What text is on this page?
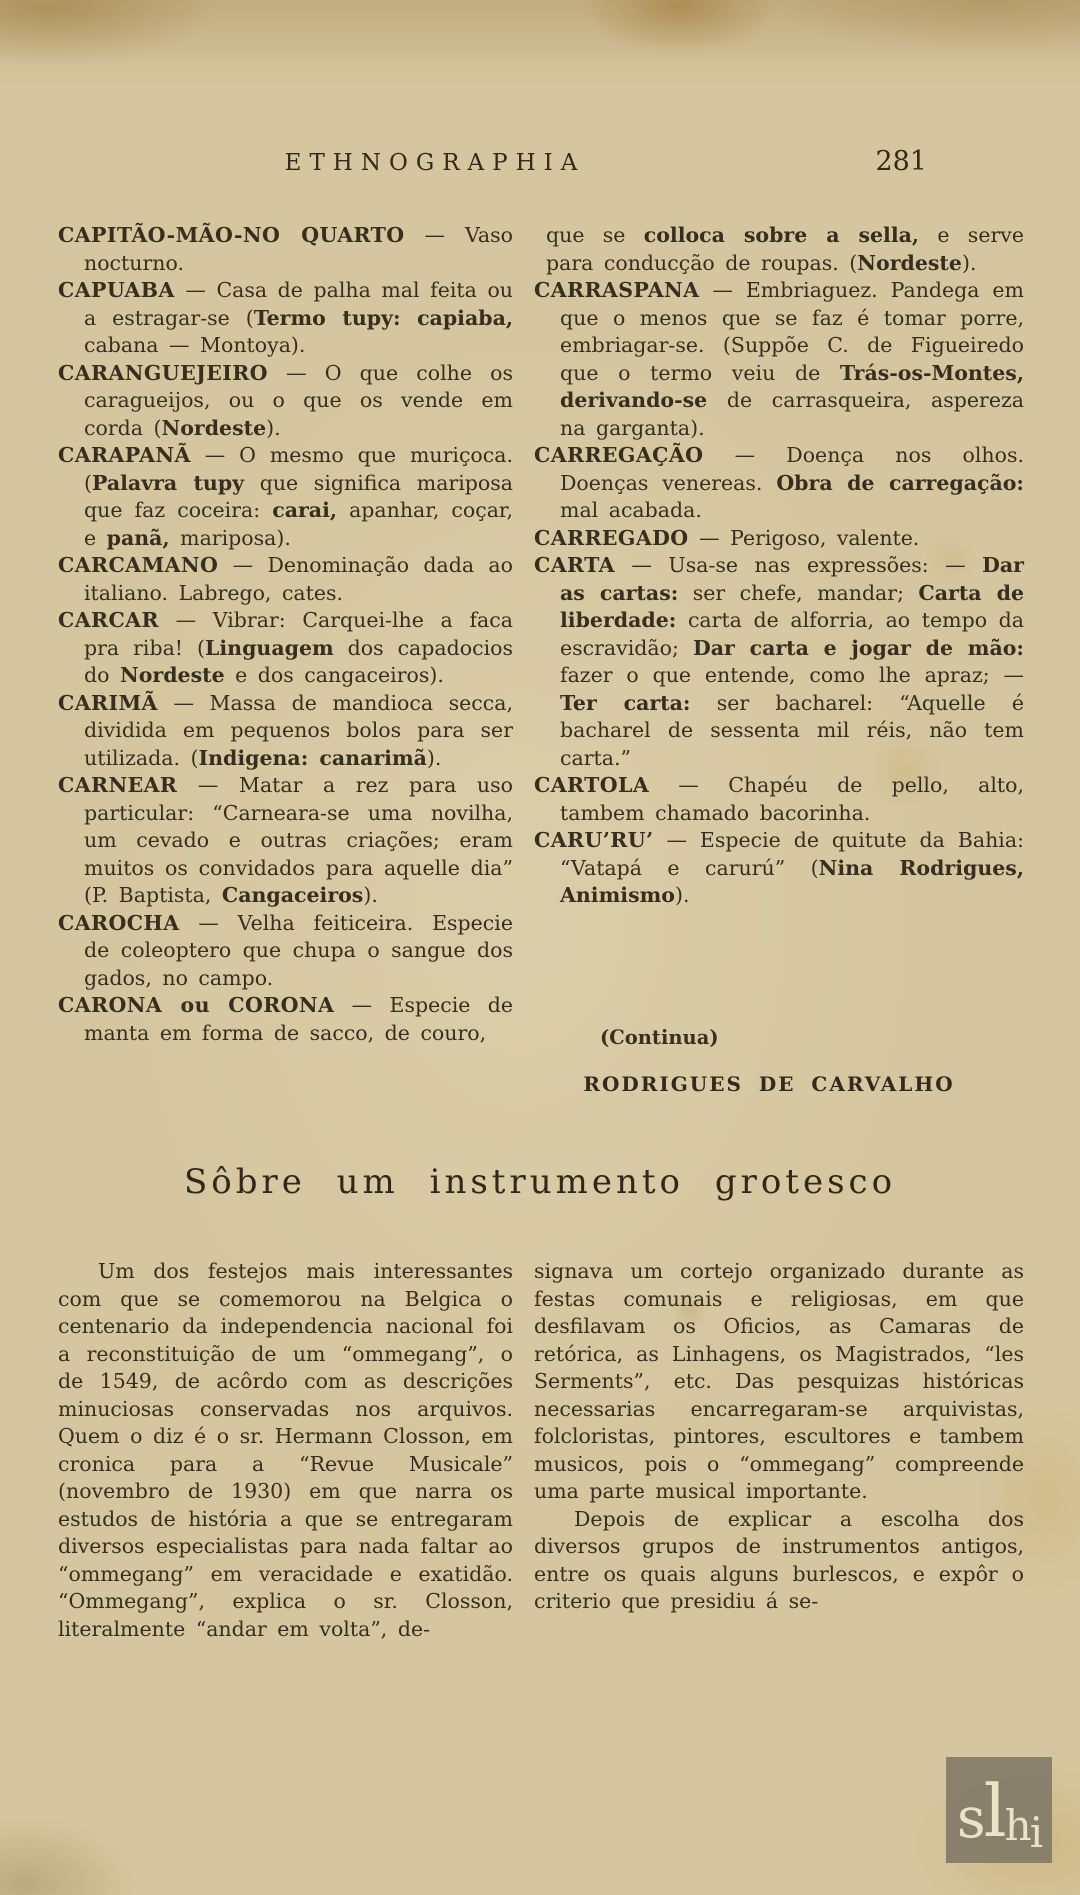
ETHNOGRAPHIA	281
CAPITÃO-MÃO-NO QUARTO — Vaso nocturno.
CAPUABA — Casa de palha mal feita ou a estragar-se (Termo tupy: capiaba, cabana — Montoya).
CARANGUEJEIRO — O que colhe os caragueijos, ou o que os vende em corda (Nordeste).
CARAPANÃ — O mesmo que muriçoca. (Palavra tupy que significa mariposa que faz coceira: carai, apanhar, coçar, e panã, mariposa).
CARCAMANO — Denominação dada ao italiano. Labrego, cates.
CARCAR — Vibrar: Carquei-lhe a faca pra riba! (Linguagem dos capadocios do Nordeste e dos cangaceiros).
CARIMÃ — Massa de mandioca secca, dividida em pequenos bolos para ser utilizada. (Indigena: canarimã).
CARNEAR — Matar a rez para uso particular: “Carneara-se uma novilha, um cevado e outras criações; eram muitos os convidados para aquelle dia” (P. Baptista, Cangaceiros).
CAROCHA — Velha feiticeira. Especie de coleoptero que chupa o sangue dos gados, no campo.
CARONA ou CORONA — Especie de manta em forma de sacco, de couro,
que se colloca sobre a sella, e serve para conducção de roupas. (Nordeste).
CARRASPANA — Embriaguez. Pandega em que o menos que se faz é tomar porre, embriagar-se. (Suppõe C. de Figueiredo que o termo veiu de Trás-os-Montes, derivando-se de carrasqueira, aspereza na garganta).
CARREGAÇÃO — Doença nos olhos. Doenças venereas. Obra de carregação: mal acabada.
CARREGADO — Perigoso, valente.
CARTA — Usa-se nas expressões: — Dar as cartas: ser chefe, mandar; Carta de liberdade: carta de alforria, ao tempo da escravidão; Dar carta e jogar de mão: fazer o que entende, como lhe apraz; — Ter carta: ser bacharel: “Aquelle é bacharel de sessenta mil réis, não tem carta.”
CARTOLA — Chapéu de pello, alto, tambem chamado bacorinha.
CARU’RU’ — Especie de quitute da Bahia: “Vatapá e carurú” (Nina Rodrigues, Animismo).
(Continua)
RODRIGUES DE CARVALHO
Sôbre um instrumento grotesco

Um dos festejos mais interessantes com que se comemorou na Belgica o centenario da independencia nacional foi a reconstituição de um “ommegang”, o de 1549, de acôrdo com as descrições minuciosas conservadas nos arquivos. Quem o diz é o sr. Hermann Closson, em cronica para a “Revue Musicale” (novembro de 1930) em que narra os estudos de história a que se entregaram diversos especialistas para nada faltar ao “ommegang” em veracidade e exatidão. “Ommegang”, explica o sr. Closson, literalmente “andar em volta”, de-

signava um cortejo organizado durante as festas comunais e religiosas, em que desfilavam os Oficios, as Camaras de retórica, as Linhagens, os Magistrados, “les Serments”, etc. Das pesquizas históricas necessarias encarregaram-se arquivistas, folcloristas, pintores, escultores e tambem musicos, pois o “ommegang” compreende uma parte musical importante.

Depois de explicar a escolha dos diversos grupos de instrumentos antigos, entre os quais alguns burlescos, e expôr o criterio que presidiu á se-

s l h i
